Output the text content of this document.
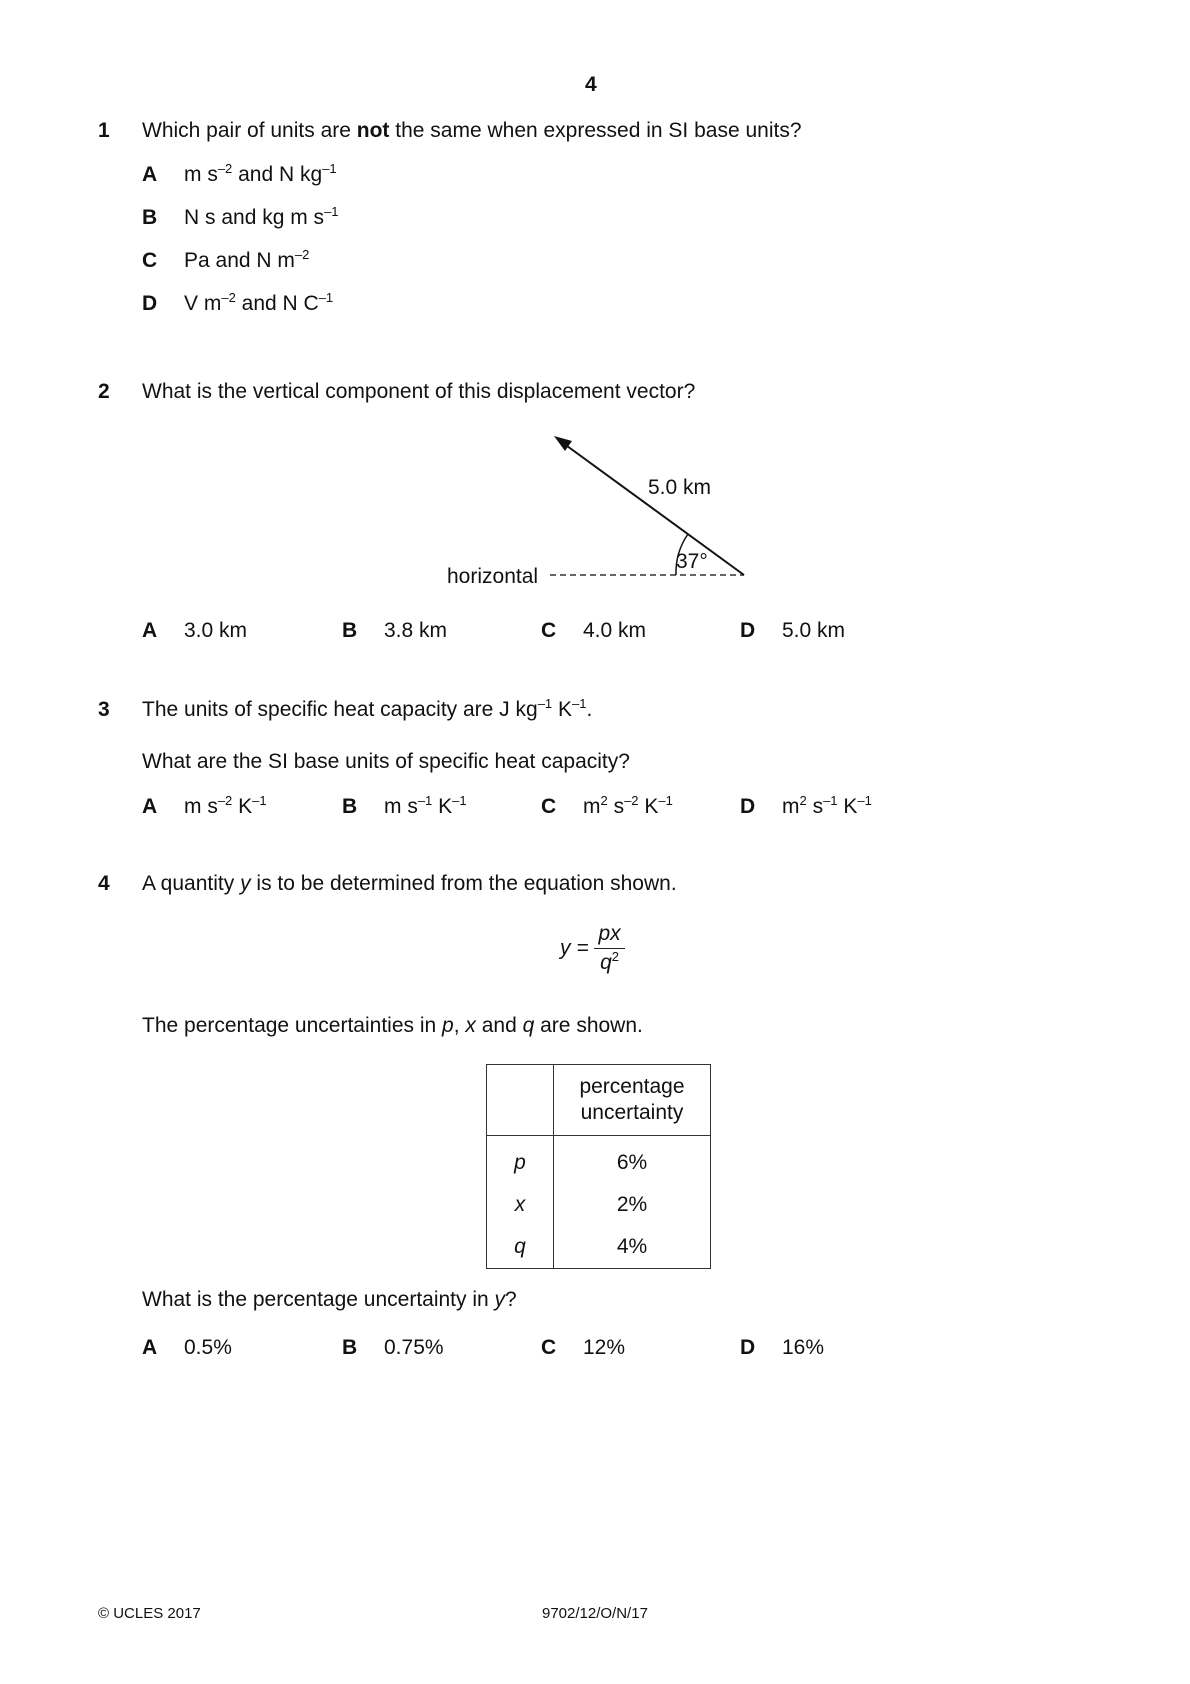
4
1 Which pair of units are not the same when expressed in SI base units?
A m $s^{-2}$ and N $kg^{-1}$
B N s and kg m $s^{-1}$
C Pa and N $m^{-2}$
D V $m^{-2}$ and N $C^{-1}$
2 What is the vertical component of this displacement vector?
5.0 km
37°
horizontal
A 3.0 km	B 3.8 km	C 4.0 km	D 5.0 km
3 The units of specific heat capacity are J $kg^{-1}$ $K^{-1}$.
What are the SI base units of specific heat capacity?
A m $s^{-2}$ $K^{-1}$	B m $s^{-1}$ $K^{-1}$	C $m^2$ $s^{-2}$ $K^{-1}$	D $m^2$ $s^{-1}$ $K^{-1}$
4 A quantity y is to be determined from the equation shown.
$y = \frac{px}{q^2}$
The percentage uncertainties in p, x and q are shown.
	percentage
uncertainty
p	6%
x	2%
q	4%
What is the percentage uncertainty in y?
A 0.5%	B 0.75%	C 12%	D 16%
© UCLES 2017	9702/12/O/N/17
